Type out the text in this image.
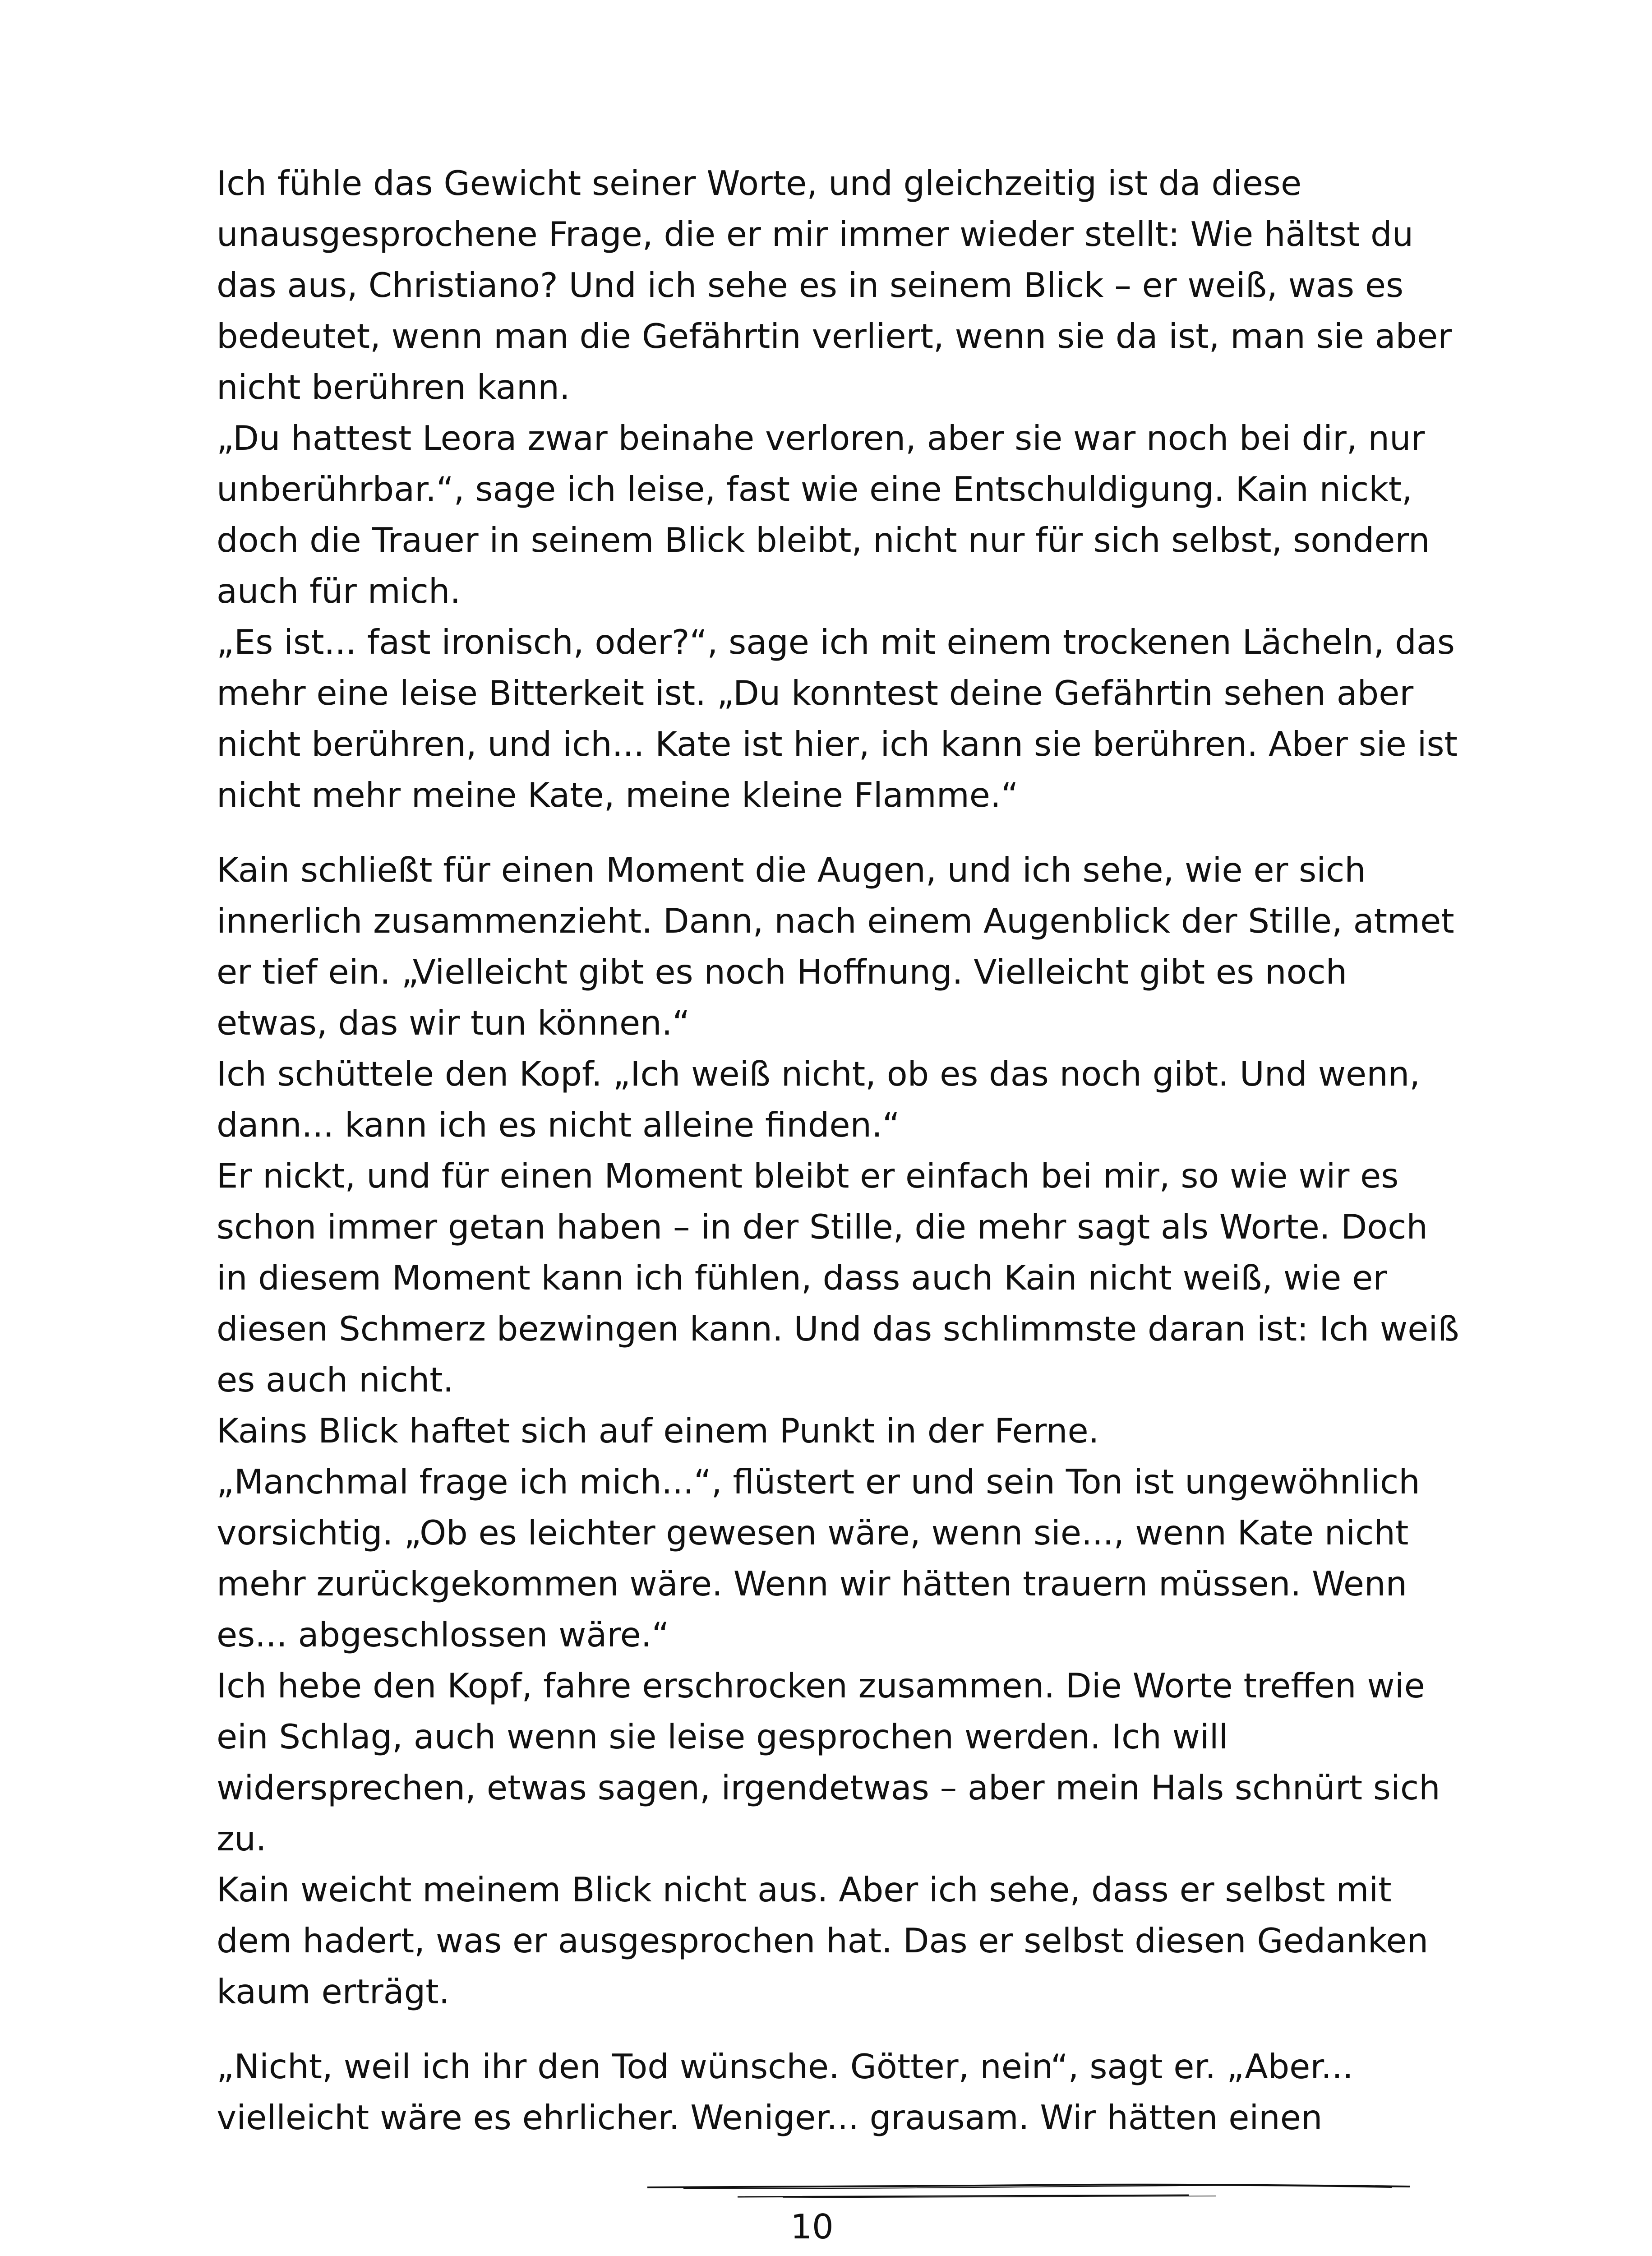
Ich fühle das Gewicht seiner Worte, und gleichzeitig ist da diese unausgesprochene Frage, die er mir immer wieder stellt: Wie hältst du das aus, Christiano? Und ich sehe es in seinem Blick – er weiß, was es bedeutet, wenn man die Gefährtin verliert, wenn sie da ist, man sie aber nicht berühren kann.

„Du hattest Leora zwar beinahe verloren, aber sie war noch bei dir, nur unberührbar.“, sage ich leise, fast wie eine Entschuldigung. Kain nickt, doch die Trauer in seinem Blick bleibt, nicht nur für sich selbst, sondern auch für mich.

„Es ist... fast ironisch, oder?“, sage ich mit einem trockenen Lächeln, das mehr eine leise Bitterkeit ist. „Du konntest deine Gefährtin sehen aber nicht berühren, und ich... Kate ist hier, ich kann sie berühren. Aber sie ist nicht mehr meine Kate, meine kleine Flamme.“

Kain schließt für einen Moment die Augen, und ich sehe, wie er sich innerlich zusammenzieht. Dann, nach einem Augenblick der Stille, atmet er tief ein. „Vielleicht gibt es noch Hoffnung. Vielleicht gibt es noch etwas, das wir tun können.“

Ich schüttele den Kopf. „Ich weiß nicht, ob es das noch gibt. Und wenn, dann... kann ich es nicht alleine finden.“

Er nickt, und für einen Moment bleibt er einfach bei mir, so wie wir es schon immer getan haben – in der Stille, die mehr sagt als Worte. Doch in diesem Moment kann ich fühlen, dass auch Kain nicht weiß, wie er diesen Schmerz bezwingen kann. Und das schlimmste daran ist: Ich weiß es auch nicht.

Kains Blick haftet sich auf einem Punkt in der Ferne.

„Manchmal frage ich mich...“, flüstert er und sein Ton ist ungewöhnlich vorsichtig. „Ob es leichter gewesen wäre, wenn sie..., wenn Kate nicht mehr zurückgekommen wäre. Wenn wir hätten trauern müssen. Wenn es... abgeschlossen wäre.“

Ich hebe den Kopf, fahre erschrocken zusammen. Die Worte treffen wie ein Schlag, auch wenn sie leise gesprochen werden. Ich will widersprechen, etwas sagen, irgendetwas – aber mein Hals schnürt sich zu.

Kain weicht meinem Blick nicht aus. Aber ich sehe, dass er selbst mit dem hadert, was er ausgesprochen hat. Das er selbst diesen Gedanken kaum erträgt.

„Nicht, weil ich ihr den Tod wünsche. Götter, nein“, sagt er. „Aber... vielleicht wäre es ehrlicher. Weniger... grausam. Wir hätten einen

10
